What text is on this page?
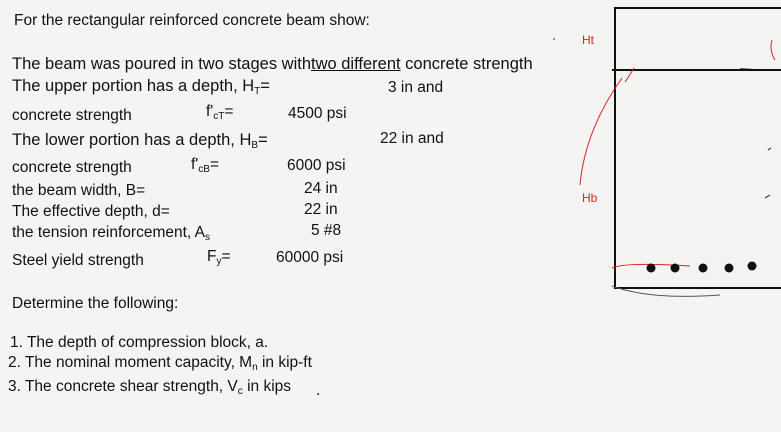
For the rectangular reinforced concrete beam show:
The beam was poured in two stages withtwo different concrete strength
The upper portion has a depth, $H_T=$	3 in and
concrete strength	$f'_{cT}=$	4500 psi
The lower portion has a depth, $H_B=$	22 in and
concrete strength	$f'_{cB}=$	6000 psi
the beam width, B=	24 in
The effective depth, d=	22 in
the tension reinforcement, $A_s$	5 #8
Steel yield strength	$F_y=$	60000 psi
Determine the following:
1. The depth of compression block, a.
2. The nominal moment capacity, $M_n$ in kip-ft
3. The concrete shear strength, $V_c$ in kips .
Ht
Hb
